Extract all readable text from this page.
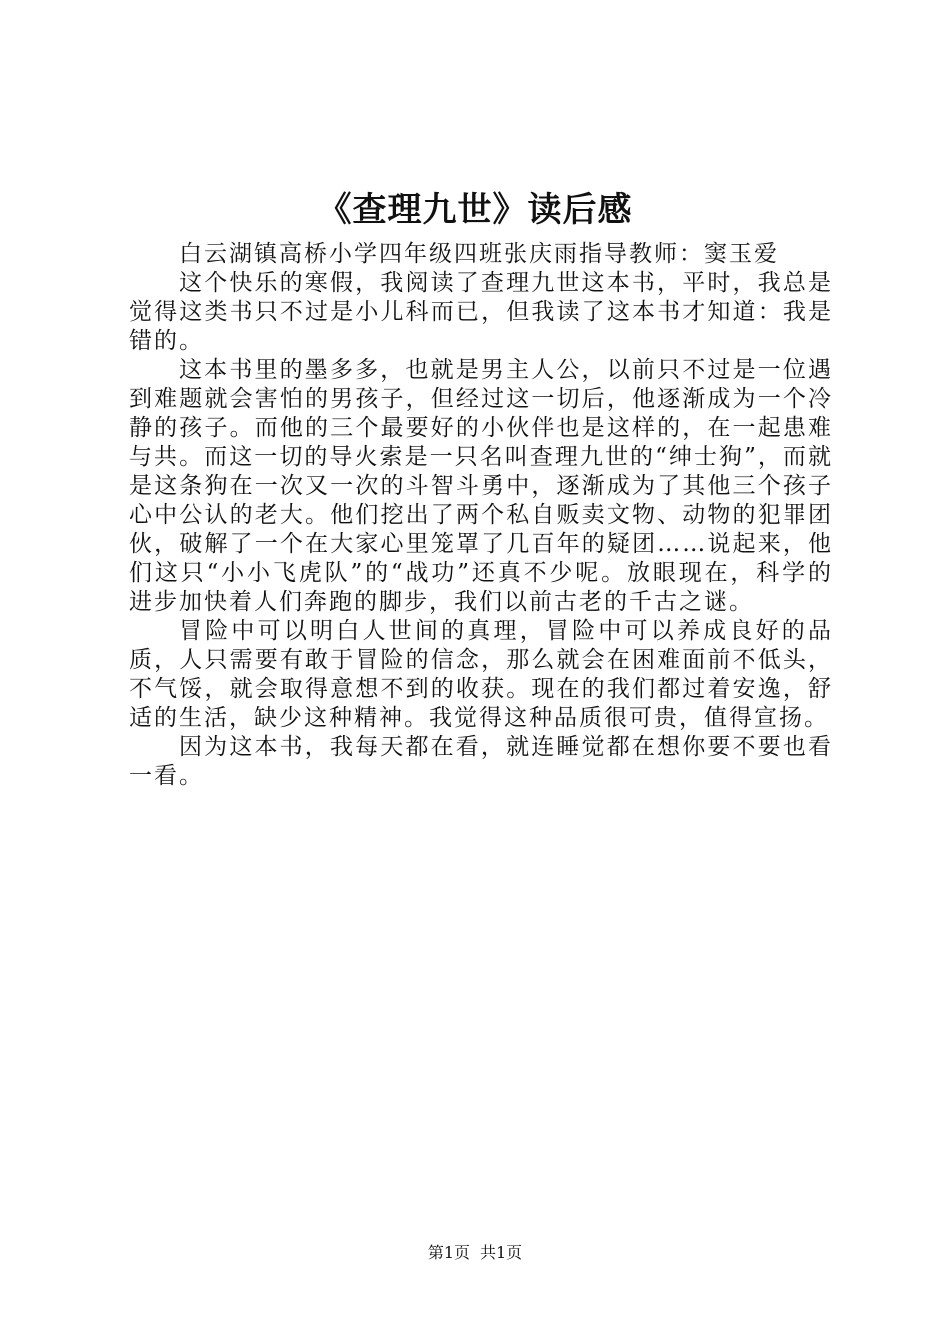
《查理九世》读后感

白云湖镇高桥小学四年级四班张庆雨指导教师：窦玉爱

这个快乐的寒假，我阅读了查理九世这本书，平时，我总是觉得这类书只不过是小儿科而已，但我读了这本书才知道：我是错的。

这本书里的墨多多，也就是男主人公，以前只不过是一位遇到难题就会害怕的男孩子，但经过这一切后，他逐渐成为一个冷静的孩子。而他的三个最要好的小伙伴也是这样的，在一起患难与共。而这一切的导火索是一只名叫查理九世的“绅士狗”，而就是这条狗在一次又一次的斗智斗勇中，逐渐成为了其他三个孩子心中公认的老大。他们挖出了两个私自贩卖文物、动物的犯罪团伙，破解了一个在大家心里笼罩了几百年的疑团……说起来，他们这只“小小飞虎队”的“战功”还真不少呢。放眼现在，科学的进步加快着人们奔跑的脚步，我们以前古老的千古之谜。

冒险中可以明白人世间的真理，冒险中可以养成良好的品质，人只需要有敢于冒险的信念，那么就会在困难面前不低头，不气馁，就会取得意想不到的收获。现在的我们都过着安逸，舒适的生活，缺少这种精神。我觉得这种品质很可贵，值得宣扬。

因为这本书，我每天都在看，就连睡觉都在想你要不要也看一看。

第1页 共1页
